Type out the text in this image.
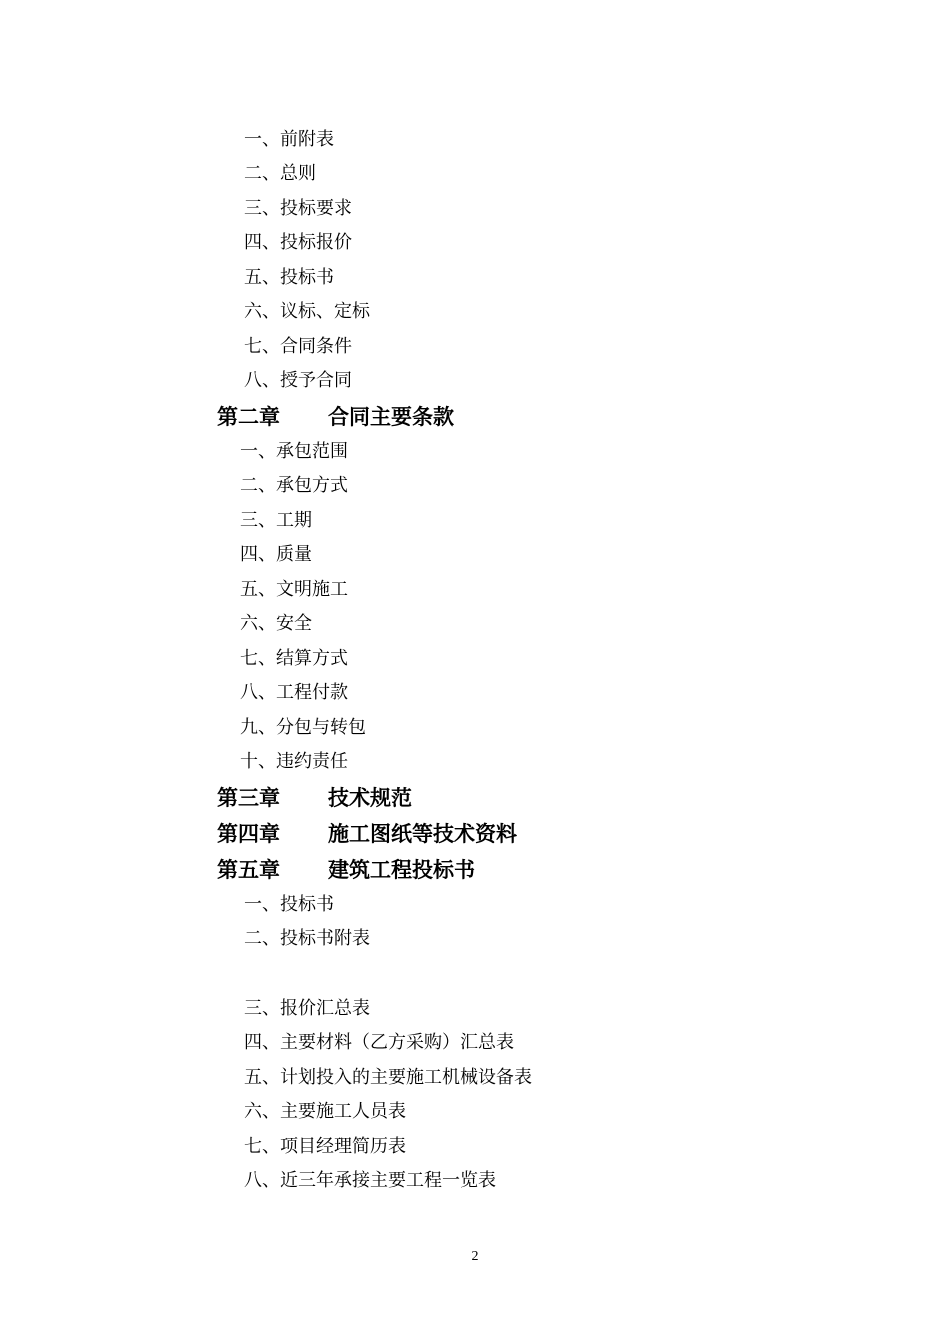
一、前附表
二、总则
三、投标要求
四、投标报价
五、投标书
六、议标、定标
七、合同条件
八、授予合同
第二章 合同主要条款
一、承包范围
二、承包方式
三、工期
四、质量
五、文明施工
六、安全
七、结算方式
八、工程付款
九、分包与转包
十、违约责任
第三章 技术规范
第四章 施工图纸等技术资料
第五章 建筑工程投标书
一、投标书
二、投标书附表
三、报价汇总表
四、主要材料（乙方采购）汇总表
五、计划投入的主要施工机械设备表
六、主要施工人员表
七、项目经理简历表
八、近三年承接主要工程一览表
2
